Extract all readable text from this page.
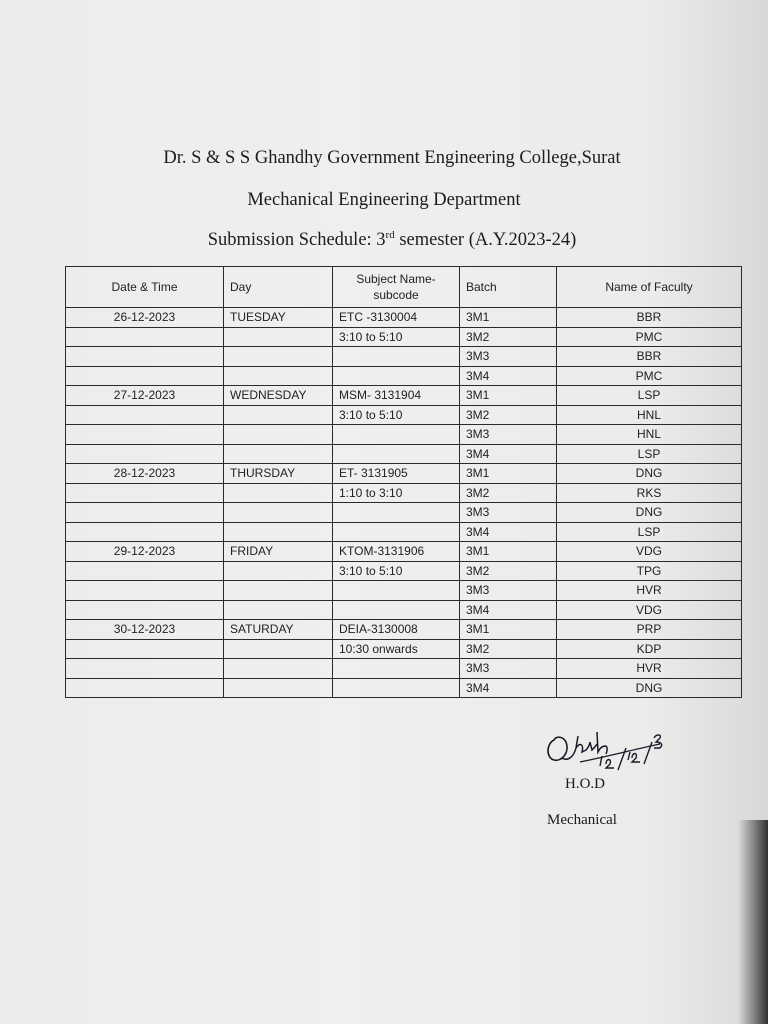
Dr. S & S S Ghandhy Government Engineering College,Surat
Mechanical Engineering Department
Submission Schedule: 3rd semester (A.Y.2023-24)
Date & Time	Day	Subject Name-subcode	Batch	Name of Faculty
26-12-2023	TUESDAY	ETC -3130004	3M1	BBR
		3:10 to 5:10	3M2	PMC
			3M3	BBR
			3M4	PMC
27-12-2023	WEDNESDAY	MSM- 3131904	3M1	LSP
		3:10 to 5:10	3M2	HNL
			3M3	HNL
			3M4	LSP
28-12-2023	THURSDAY	ET- 3131905	3M1	DNG
		1:10 to 3:10	3M2	RKS
			3M3	DNG
			3M4	LSP
29-12-2023	FRIDAY	KTOM-3131906	3M1	VDG
		3:10 to 5:10	3M2	TPG
			3M3	HVR
			3M4	VDG
30-12-2023	SATURDAY	DEIA-3130008	3M1	PRP
		10:30 onwards	3M2	KDP
			3M3	HVR
			3M4	DNG
H.O.D
Mechanical
